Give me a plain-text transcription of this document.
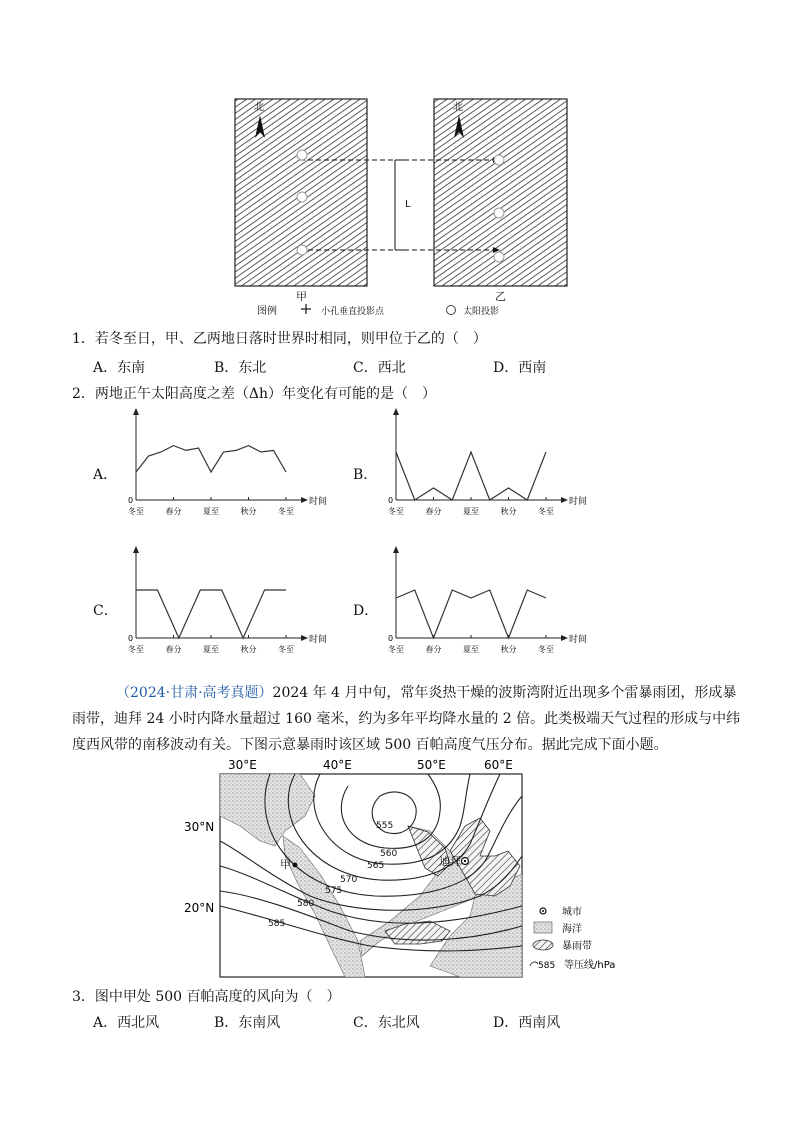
北	北
L
甲	乙
图例	小孔垂直投影点	太阳投影
1．若冬至日，甲、乙两地日落时世界时相同，则甲位于乙的（　）
A．东南	B．东北	C．西北	D．西南
2．两地正午太阳高度之差（Δh）年变化有可能的是（　）
A．	B．
C．	D．
时间
0
冬至	春分	夏至	秋分	冬至
时间
0
冬至	春分	夏至	秋分	冬至
时间
0
冬至	春分	夏至	秋分	冬至
时间
0
冬至	春分	夏至	秋分	冬至
（2024·甘肃·高考真题）2024 年 4 月中旬，常年炎热干燥的波斯湾附近出现多个雷暴雨团，形成暴
雨带，迪拜 24 小时内降水量超过 160 毫米，约为多年平均降水量的 2 倍。此类极端天气过程的形成与中纬
度西风带的南移波动有关。下图示意暴雨时该区域 500 百帕高度气压分布。据此完成下面小题。
30°E	40°E	50°E	60°E
30°N
20°N
555
560
565
570
575
580
585
甲	迪拜
城市
海洋
暴雨带
585 等压线/hPa
3．图中甲处 500 百帕高度的风向为（　）
A．西北风	B．东南风	C．东北风	D．西南风
